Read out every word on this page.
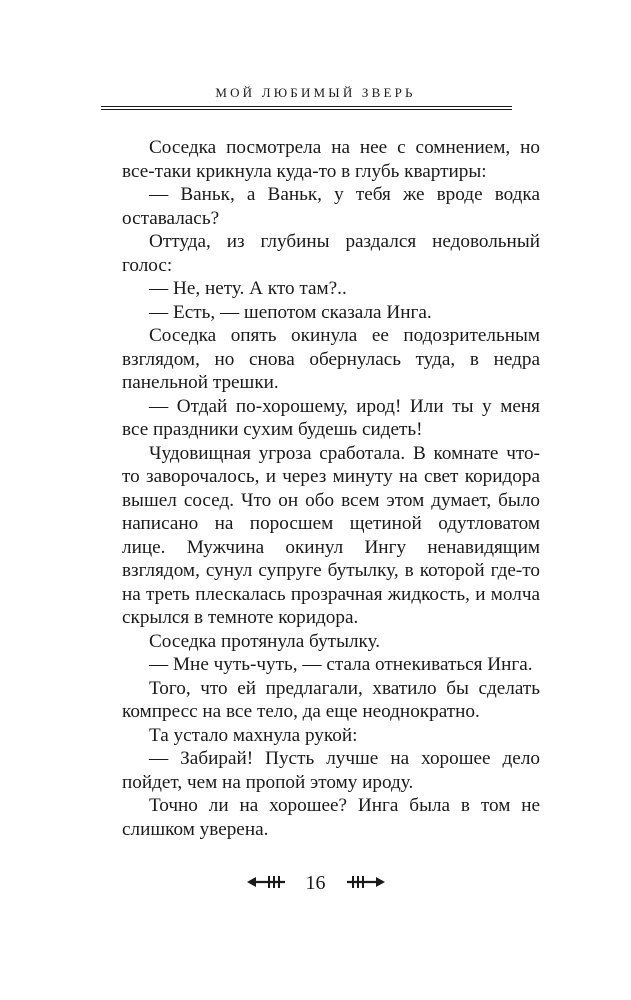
МОЙ ЛЮБИМЫЙ ЗВЕРЬ

Соседка посмотрела на нее с сомнением, но все-таки крикнула куда-то в глубь квартиры:

— Ваньк, а Ваньк, у тебя же вроде водка оставалась?

Оттуда, из глубины раздался недовольный голос:

— Не, нету. А кто там?..

— Есть, — шепотом сказала Инга.

Соседка опять окинула ее подозрительным взглядом, но снова обернулась туда, в недра панельной трешки.

— Отдай по-хорошему, ирод! Или ты у меня все праздники сухим будешь сидеть!

Чудовищная угроза сработала. В комнате что-то заворочалось, и через минуту на свет коридора вышел сосед. Что он обо всем этом думает, было написано на поросшем щетиной одутловатом лице. Мужчина окинул Ингу ненавидящим взглядом, сунул супруге бутылку, в которой где-то на треть плескалась прозрачная жидкость, и молча скрылся в темноте коридора.

Соседка протянула бутылку.

— Мне чуть-чуть, — стала отнекиваться Инга.

Того, что ей предлагали, хватило бы сделать компресс на все тело, да еще неоднократно.

Та устало махнула рукой:

— Забирай! Пусть лучше на хорошее дело пойдет, чем на пропой этому ироду.

Точно ли на хорошее? Инга была в том не слишком уверена.

16
